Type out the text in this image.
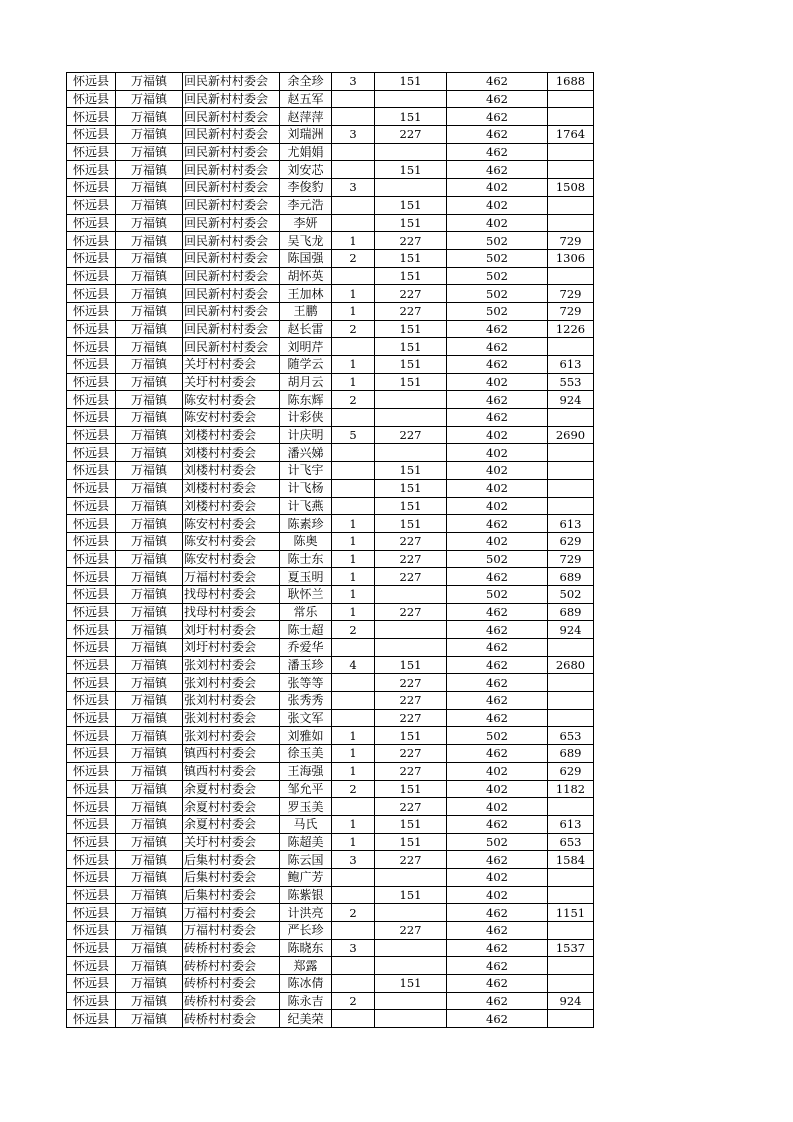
怀远县	万福镇	回民新村村委会	余全珍	3	151	462	1688
怀远县	万福镇	回民新村村委会	赵五军			462	
怀远县	万福镇	回民新村村委会	赵萍萍		151	462	
怀远县	万福镇	回民新村村委会	刘瑞洲	3	227	462	1764
怀远县	万福镇	回民新村村委会	尤娟娟			462	
怀远县	万福镇	回民新村村委会	刘安芯		151	462	
怀远县	万福镇	回民新村村委会	李俊豹	3		402	1508
怀远县	万福镇	回民新村村委会	李元浩		151	402	
怀远县	万福镇	回民新村村委会	李妍		151	402	
怀远县	万福镇	回民新村村委会	吴飞龙	1	227	502	729
怀远县	万福镇	回民新村村委会	陈国强	2	151	502	1306
怀远县	万福镇	回民新村村委会	胡怀英		151	502	
怀远县	万福镇	回民新村村委会	王加林	1	227	502	729
怀远县	万福镇	回民新村村委会	王鹏	1	227	502	729
怀远县	万福镇	回民新村村委会	赵长雷	2	151	462	1226
怀远县	万福镇	回民新村村委会	刘明芹		151	462	
怀远县	万福镇	关圩村村委会	随学云	1	151	462	613
怀远县	万福镇	关圩村村委会	胡月云	1	151	402	553
怀远县	万福镇	陈安村村委会	陈东辉	2		462	924
怀远县	万福镇	陈安村村委会	计彩侠			462	
怀远县	万福镇	刘楼村村委会	计庆明	5	227	402	2690
怀远县	万福镇	刘楼村村委会	潘兴娣			402	
怀远县	万福镇	刘楼村村委会	计飞宇		151	402	
怀远县	万福镇	刘楼村村委会	计飞杨		151	402	
怀远县	万福镇	刘楼村村委会	计飞燕		151	402	
怀远县	万福镇	陈安村村委会	陈素珍	1	151	462	613
怀远县	万福镇	陈安村村委会	陈奥	1	227	402	629
怀远县	万福镇	陈安村村委会	陈士东	1	227	502	729
怀远县	万福镇	万福村村委会	夏玉明	1	227	462	689
怀远县	万福镇	找母村村委会	耿怀兰	1		502	502
怀远县	万福镇	找母村村委会	常乐	1	227	462	689
怀远县	万福镇	刘圩村村委会	陈士超	2		462	924
怀远县	万福镇	刘圩村村委会	乔爱华			462	
怀远县	万福镇	张刘村村委会	潘玉珍	4	151	462	2680
怀远县	万福镇	张刘村村委会	张等等		227	462	
怀远县	万福镇	张刘村村委会	张秀秀		227	462	
怀远县	万福镇	张刘村村委会	张文军		227	462	
怀远县	万福镇	张刘村村委会	刘雅如	1	151	502	653
怀远县	万福镇	镇西村村委会	徐玉美	1	227	462	689
怀远县	万福镇	镇西村村委会	王海强	1	227	402	629
怀远县	万福镇	余夏村村委会	邹允平	2	151	402	1182
怀远县	万福镇	余夏村村委会	罗玉美		227	402	
怀远县	万福镇	余夏村村委会	马氏	1	151	462	613
怀远县	万福镇	关圩村村委会	陈超美	1	151	502	653
怀远县	万福镇	后集村村委会	陈云国	3	227	462	1584
怀远县	万福镇	后集村村委会	鲍广芳			402	
怀远县	万福镇	后集村村委会	陈紫银		151	402	
怀远县	万福镇	万福村村委会	计洪亮	2		462	1151
怀远县	万福镇	万福村村委会	严长珍		227	462	
怀远县	万福镇	砖桥村村委会	陈晓东	3		462	1537
怀远县	万福镇	砖桥村村委会	郑露			462	
怀远县	万福镇	砖桥村村委会	陈冰倩		151	462	
怀远县	万福镇	砖桥村村委会	陈永吉	2		462	924
怀远县	万福镇	砖桥村村委会	纪美荣			462	
